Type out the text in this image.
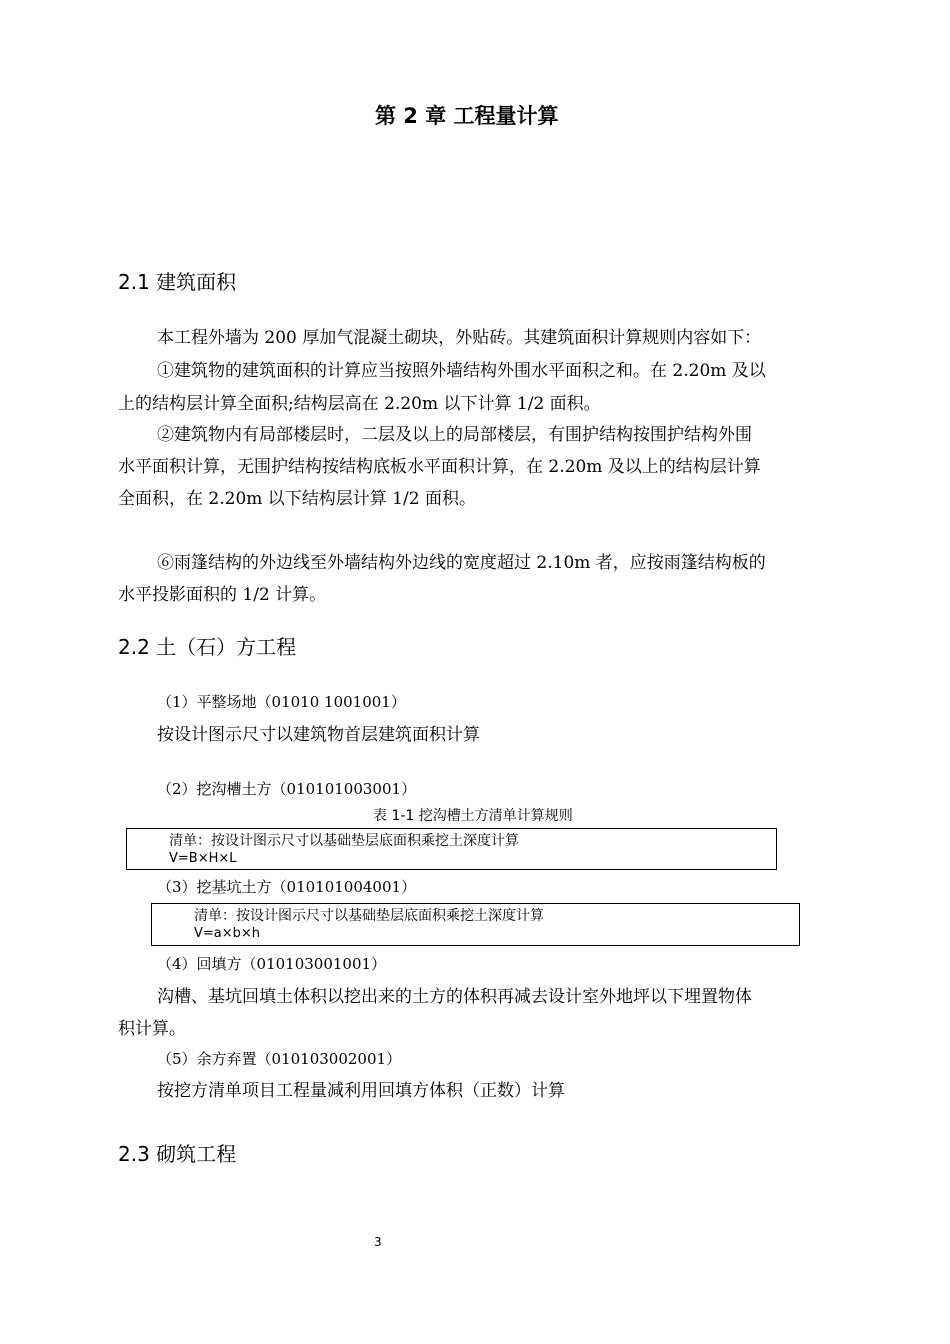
第 2 章 工程量计算
2.1 建筑面积
本工程外墙为 200 厚加气混凝土砌块，外贴砖。其建筑面积计算规则内容如下：
①建筑物的建筑面积的计算应当按照外墙结构外围水平面积之和。在 2.20m 及以
上的结构层计算全面积;结构层高在 2.20m 以下计算 1/2 面积。
②建筑物内有局部楼层时，二层及以上的局部楼层，有围护结构按围护结构外围
水平面积计算，无围护结构按结构底板水平面积计算，在 2.20m 及以上的结构层计算
全面积，在 2.20m 以下结构层计算 1/2 面积。
⑥雨篷结构的外边线至外墙结构外边线的宽度超过 2.10m 者，应按雨篷结构板的
水平投影面积的 1/2 计算。
2.2 土（石）方工程
（1）平整场地（01010 1001001）
按设计图示尺寸以建筑物首层建筑面积计算
（2）挖沟槽土方（010101003001）
表 1-1 挖沟槽土方清单计算规则
清单：按设计图示尺寸以基础垫层底面积乘挖土深度计算
V=B×H×L
（3）挖基坑土方（010101004001）
清单：按设计图示尺寸以基础垫层底面积乘挖土深度计算
V=a×b×h
（4）回填方（010103001001）
沟槽、基坑回填土体积以挖出来的土方的体积再减去设计室外地坪以下埋置物体
积计算。
（5）余方弃置（010103002001）
按挖方清单项目工程量减利用回填方体积（正数）计算
2.3 砌筑工程
3
